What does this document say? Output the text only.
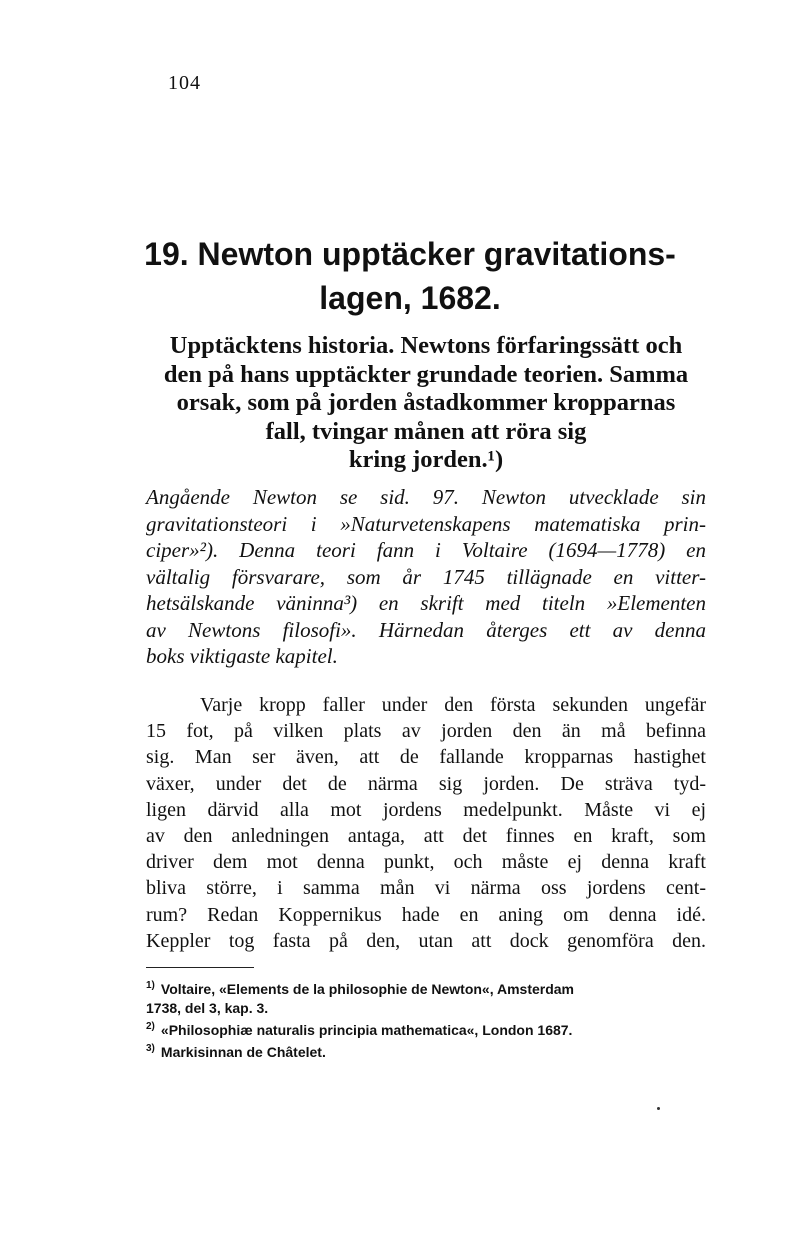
104
19. Newton upptäcker gravitations-
lagen, 1682.
Upptäcktens historia. Newtons förfaringssätt och
den på hans upptäckter grundade teorien. Samma
orsak, som på jorden åstadkommer kropparnas
fall, tvingar månen att röra sig
kring jorden.¹)
Angående Newton se sid. 97. Newton utvecklade sin
gravitationsteori i »Naturvetenskapens matematiska prin-
ciper»²). Denna teori fann i Voltaire (1694—1778) en
vältalig försvarare, som år 1745 tillägnade en vitter-
hetsälskande väninna³) en skrift med titeln »Elementen
av Newtons filosofi». Härnedan återges ett av denna
boks viktigaste kapitel.
Varje kropp faller under den första sekunden ungefär
15 fot, på vilken plats av jorden den än må befinna
sig. Man ser även, att de fallande kropparnas hastighet
växer, under det de närma sig jorden. De sträva tyd-
ligen därvid alla mot jordens medelpunkt. Måste vi ej
av den anledningen antaga, att det finnes en kraft, som
driver dem mot denna punkt, och måste ej denna kraft
bliva större, i samma mån vi närma oss jordens cent-
rum? Redan Koppernikus hade en aning om denna idé.
Keppler tog fasta på den, utan att dock genomföra den.
$^{1)}$ Voltaire, «Elements de la philosophie de Newton«, Amsterdam
1738, del 3, kap. 3.
$^{2)}$ «Philosophiæ naturalis principia mathematica«, London 1687.
$^{3)}$ Markisinnan de Châtelet.
